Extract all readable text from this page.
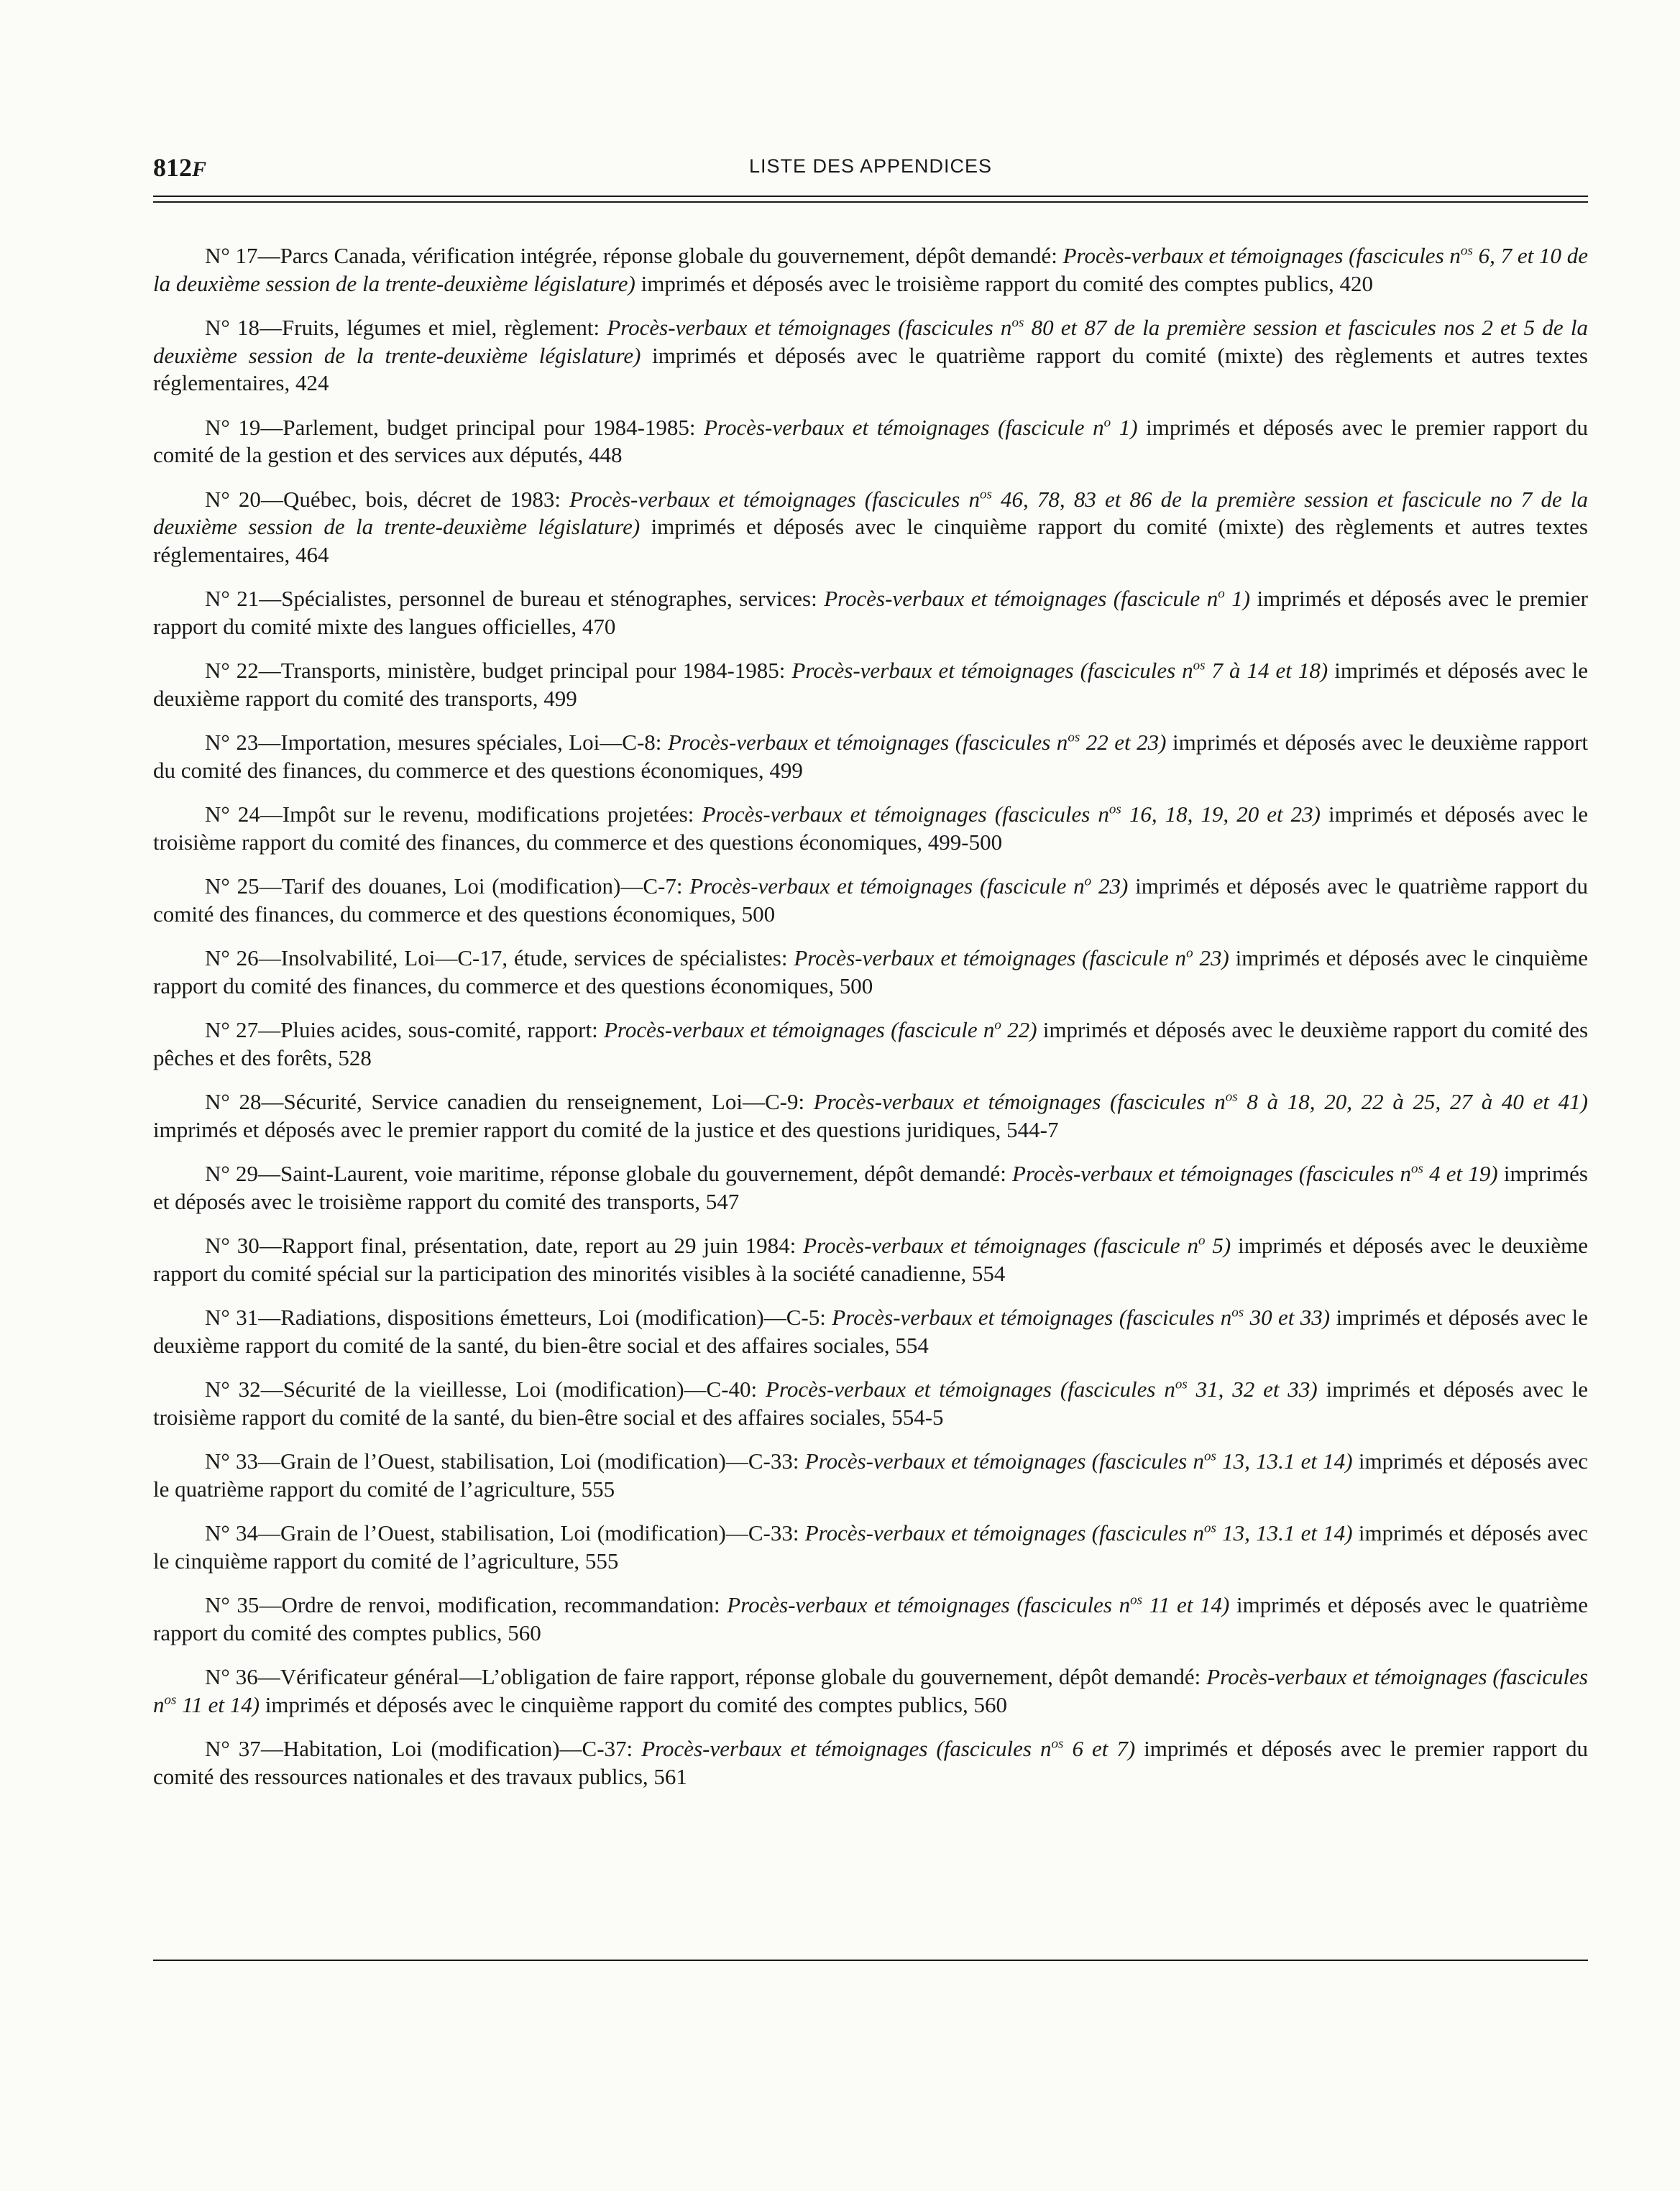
812F	LISTE DES APPENDICES

N° 17—Parcs Canada, vérification intégrée, réponse globale du gouvernement, dépôt demandé: Procès-verbaux et témoignages (fascicules $n^{os}$ 6, 7 et 10 de la deuxième session de la trente-deuxième législature) imprimés et déposés avec le troisième rapport du comité des comptes publics, 420

N° 18—Fruits, légumes et miel, règlement: Procès-verbaux et témoignages (fascicules $n^{os}$ 80 et 87 de la première session et fascicules nos 2 et 5 de la deuxième session de la trente-deuxième législature) imprimés et déposés avec le quatrième rapport du comité (mixte) des règlements et autres textes réglementaires, 424

N° 19—Parlement, budget principal pour 1984-1985: Procès-verbaux et témoignages (fascicule $n^o$ 1) imprimés et déposés avec le premier rapport du comité de la gestion et des services aux députés, 448

N° 20—Québec, bois, décret de 1983: Procès-verbaux et témoignages (fascicules $n^{os}$ 46, 78, 83 et 86 de la première session et fascicule no 7 de la deuxième session de la trente-deuxième législature) imprimés et déposés avec le cinquième rapport du comité (mixte) des règlements et autres textes réglementaires, 464

N° 21—Spécialistes, personnel de bureau et sténographes, services: Procès-verbaux et témoignages (fascicule $n^o$ 1) imprimés et déposés avec le premier rapport du comité mixte des langues officielles, 470

N° 22—Transports, ministère, budget principal pour 1984-1985: Procès-verbaux et témoignages (fascicules $n^{os}$ 7 à 14 et 18) imprimés et déposés avec le deuxième rapport du comité des transports, 499

N° 23—Importation, mesures spéciales, Loi—C-8: Procès-verbaux et témoignages (fascicules $n^{os}$ 22 et 23) imprimés et déposés avec le deuxième rapport du comité des finances, du commerce et des questions économiques, 499

N° 24—Impôt sur le revenu, modifications projetées: Procès-verbaux et témoignages (fascicules $n^{os}$ 16, 18, 19, 20 et 23) imprimés et déposés avec le troisième rapport du comité des finances, du commerce et des questions économiques, 499-500

N° 25—Tarif des douanes, Loi (modification)—C-7: Procès-verbaux et témoignages (fascicule $n^o$ 23) imprimés et déposés avec le quatrième rapport du comité des finances, du commerce et des questions économiques, 500

N° 26—Insolvabilité, Loi—C-17, étude, services de spécialistes: Procès-verbaux et témoignages (fascicule $n^o$ 23) imprimés et déposés avec le cinquième rapport du comité des finances, du commerce et des questions économiques, 500

N° 27—Pluies acides, sous-comité, rapport: Procès-verbaux et témoignages (fascicule $n^o$ 22) imprimés et déposés avec le deuxième rapport du comité des pêches et des forêts, 528

N° 28—Sécurité, Service canadien du renseignement, Loi—C-9: Procès-verbaux et témoignages (fascicules $n^{os}$ 8 à 18, 20, 22 à 25, 27 à 40 et 41) imprimés et déposés avec le premier rapport du comité de la justice et des questions juridiques, 544-7

N° 29—Saint-Laurent, voie maritime, réponse globale du gouvernement, dépôt demandé: Procès-verbaux et témoignages (fascicules $n^{os}$ 4 et 19) imprimés et déposés avec le troisième rapport du comité des transports, 547

N° 30—Rapport final, présentation, date, report au 29 juin 1984: Procès-verbaux et témoignages (fascicule $n^o$ 5) imprimés et déposés avec le deuxième rapport du comité spécial sur la participation des minorités visibles à la société canadienne, 554

N° 31—Radiations, dispositions émetteurs, Loi (modification)—C-5: Procès-verbaux et témoignages (fascicules $n^{os}$ 30 et 33) imprimés et déposés avec le deuxième rapport du comité de la santé, du bien-être social et des affaires sociales, 554

N° 32—Sécurité de la vieillesse, Loi (modification)—C-40: Procès-verbaux et témoignages (fascicules $n^{os}$ 31, 32 et 33) imprimés et déposés avec le troisième rapport du comité de la santé, du bien-être social et des affaires sociales, 554-5

N° 33—Grain de l’Ouest, stabilisation, Loi (modification)—C-33: Procès-verbaux et témoignages (fascicules $n^{os}$ 13, 13.1 et 14) imprimés et déposés avec le quatrième rapport du comité de l’agriculture, 555

N° 34—Grain de l’Ouest, stabilisation, Loi (modification)—C-33: Procès-verbaux et témoignages (fascicules $n^{os}$ 13, 13.1 et 14) imprimés et déposés avec le cinquième rapport du comité de l’agriculture, 555

N° 35—Ordre de renvoi, modification, recommandation: Procès-verbaux et témoignages (fascicules $n^{os}$ 11 et 14) imprimés et déposés avec le quatrième rapport du comité des comptes publics, 560

N° 36—Vérificateur général—L’obligation de faire rapport, réponse globale du gouvernement, dépôt demandé: Procès-verbaux et témoignages (fascicules $n^{os}$ 11 et 14) imprimés et déposés avec le cinquième rapport du comité des comptes publics, 560

N° 37—Habitation, Loi (modification)—C-37: Procès-verbaux et témoignages (fascicules $n^{os}$ 6 et 7) imprimés et déposés avec le premier rapport du comité des ressources nationales et des travaux publics, 561
